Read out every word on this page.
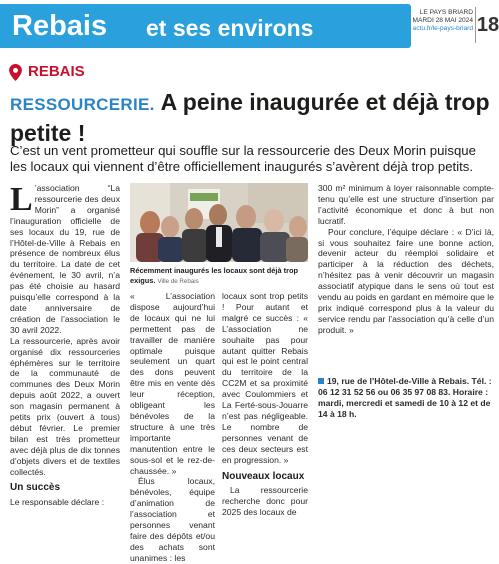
Rebais et ses environs
LE PAYS BRIARD
MARDI 28 MAI 2024
actu.fr/le-pays-briard 18
REBAIS
RESSOURCERIE. A peine inaugurée et déjà trop petite !
C’est un vent prometteur qui souffle sur la ressourcerie des Deux Morin puisque les locaux qui viennent d’être officiellement inaugurés s’avèrent déjà trop petits.

L ’association “La ressourcerie des deux Morin” a organisé l’inauguration officielle de ses locaux du 19, rue de l’Hôtel-de-Ville à Rebais en présence de nombreux élus du territoire. La date de cet événement, le 30 avril, n’a pas été choisie au hasard puisqu’elle correspond à la date anniversaire de création de l’association le 30 avril 2022.

La ressourcerie, après avoir organisé dix ressourceries éphémères sur le territoire de la communauté de communes des Deux Morin depuis août 2022, a ouvert son magasin permanent à petits prix (ouvert à tous) début février. Le premier bilan est très prometteur avec déjà plus de dix tonnes d’objets divers et de textiles collectés.

Un succès

Le responsable déclare :

Récemment inaugurés les locaux sont déjà trop exigus. Ville de Rebais

« L’association dispose aujourd’hui de locaux qui ne lui permettent pas de travailler de manière optimale puisque seulement un quart des dons peuvent être mis en vente dès leur réception, obligeant les bénévoles de la structure à une très importante manutention entre le sous-sol et le rez-de-chaussée. »

Élus locaux, bénévoles, équipe d’animation de l’association et personnes venant faire des dépôts et/ou des achats sont unanimes : les

locaux sont trop petits ! Pour autant et malgré ce succès : « L’association ne souhaite pas pour autant quitter Rebais qui est le point central du territoire de la CC2M et sa proximité avec Coulommiers et La Ferté-sous-Jouarre n’est pas négligeable. Le nombre de personnes venant de ces deux secteurs est en progression. »

Nouveaux locaux

La ressourcerie recherche donc pour 2025 des locaux de

300 m² minimum à loyer raisonnable compte-tenu qu’elle est une structure d’insertion par l’activité économique et donc à but non lucratif.

Pour conclure, l’équipe déclare : « D’ici là, si vous souhaitez faire une bonne action, devenir acteur du réemploi solidaire et participer à la réduction des déchets, n’hésitez pas à venir découvrir un magasin associatif atypique dans le sens où tout est vendu au poids en gardant en mémoire que le prix indiqué correspond plus à la valeur du service rendu par l’association qu’à celle d’un produit. »

19, rue de l’Hôtel-de-Ville à Rebais. Tél. : 06 12 31 52 56 ou 06 35 97 08 83. Horaire : mardi, mercredi et samedi de 10 à 12 et de 14 à 18 h.
